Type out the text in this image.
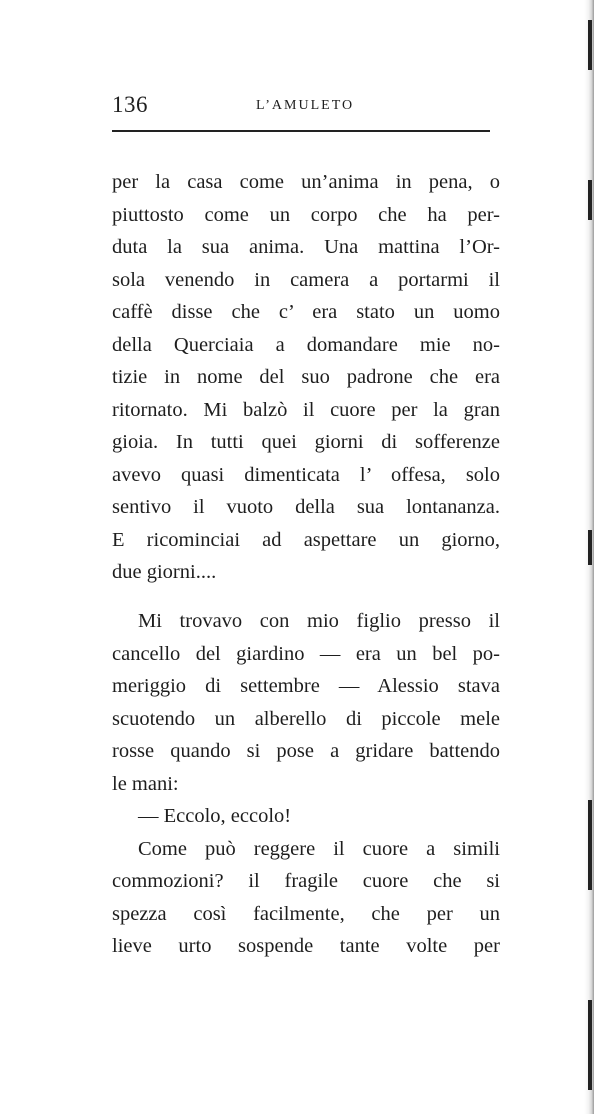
136	L’AMULETO
per la casa come un’anima in pena, o
piuttosto come un corpo che ha per-
duta la sua anima. Una mattina l’Or-
sola venendo in camera a portarmi il
caffè disse che c’ era stato un uomo
della Querciaia a domandare mie no-
tizie in nome del suo padrone che era
ritornato. Mi balzò il cuore per la gran
gioia. In tutti quei giorni di sofferenze
avevo quasi dimenticata l’ offesa, solo
sentivo il vuoto della sua lontananza.
E ricominciai ad aspettare un giorno,
due giorni....
Mi trovavo con mio figlio presso il
cancello del giardino — era un bel po-
meriggio di settembre — Alessio stava
scuotendo un alberello di piccole mele
rosse quando si pose a gridare battendo
le mani:
— Eccolo, eccolo!
Come può reggere il cuore a simili
commozioni? il fragile cuore che si
spezza così facilmente, che per un
lieve urto sospende tante volte per
